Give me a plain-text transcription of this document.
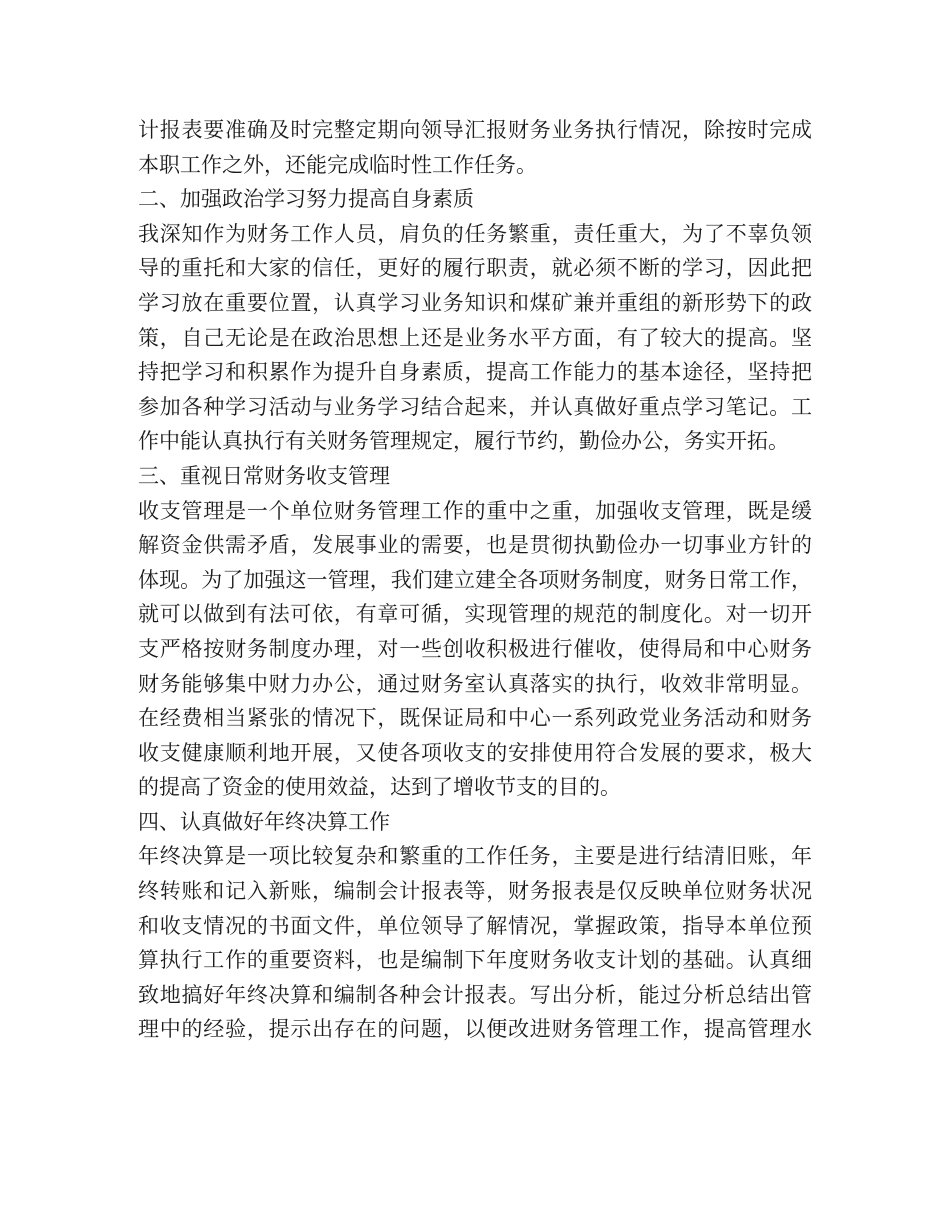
计报表要准确及时完整定期向领导汇报财务业务执行情况，除按时完成
本职工作之外，还能完成临时性工作任务。
二、加强政治学习努力提高自身素质
我深知作为财务工作人员，肩负的任务繁重，责任重大，为了不辜负领
导的重托和大家的信任，更好的履行职责，就必须不断的学习，因此把
学习放在重要位置，认真学习业务知识和煤矿兼并重组的新形势下的政
策，自己无论是在政治思想上还是业务水平方面，有了较大的提高。坚
持把学习和积累作为提升自身素质，提高工作能力的基本途径，坚持把
参加各种学习活动与业务学习结合起来，并认真做好重点学习笔记。工
作中能认真执行有关财务管理规定，履行节约，勤俭办公，务实开拓。
三、重视日常财务收支管理
收支管理是一个单位财务管理工作的重中之重，加强收支管理，既是缓
解资金供需矛盾，发展事业的需要，也是贯彻执勤俭办一切事业方针的
体现。为了加强这一管理，我们建立建全各项财务制度，财务日常工作，
就可以做到有法可依，有章可循，实现管理的规范的制度化。对一切开
支严格按财务制度办理，对一些创收积极进行催收，使得局和中心财务
财务能够集中财力办公，通过财务室认真落实的执行，收效非常明显。
在经费相当紧张的情况下，既保证局和中心一系列政党业务活动和财务
收支健康顺利地开展，又使各项收支的安排使用符合发展的要求，极大
的提高了资金的使用效益，达到了增收节支的目的。
四、认真做好年终决算工作
年终决算是一项比较复杂和繁重的工作任务，主要是进行结清旧账，年
终转账和记入新账，编制会计报表等，财务报表是仅反映单位财务状况
和收支情况的书面文件，单位领导了解情况，掌握政策，指导本单位预
算执行工作的重要资料，也是编制下年度财务收支计划的基础。认真细
致地搞好年终决算和编制各种会计报表。写出分析，能过分析总结出管
理中的经验，提示出存在的问题，以便改进财务管理工作，提高管理水
